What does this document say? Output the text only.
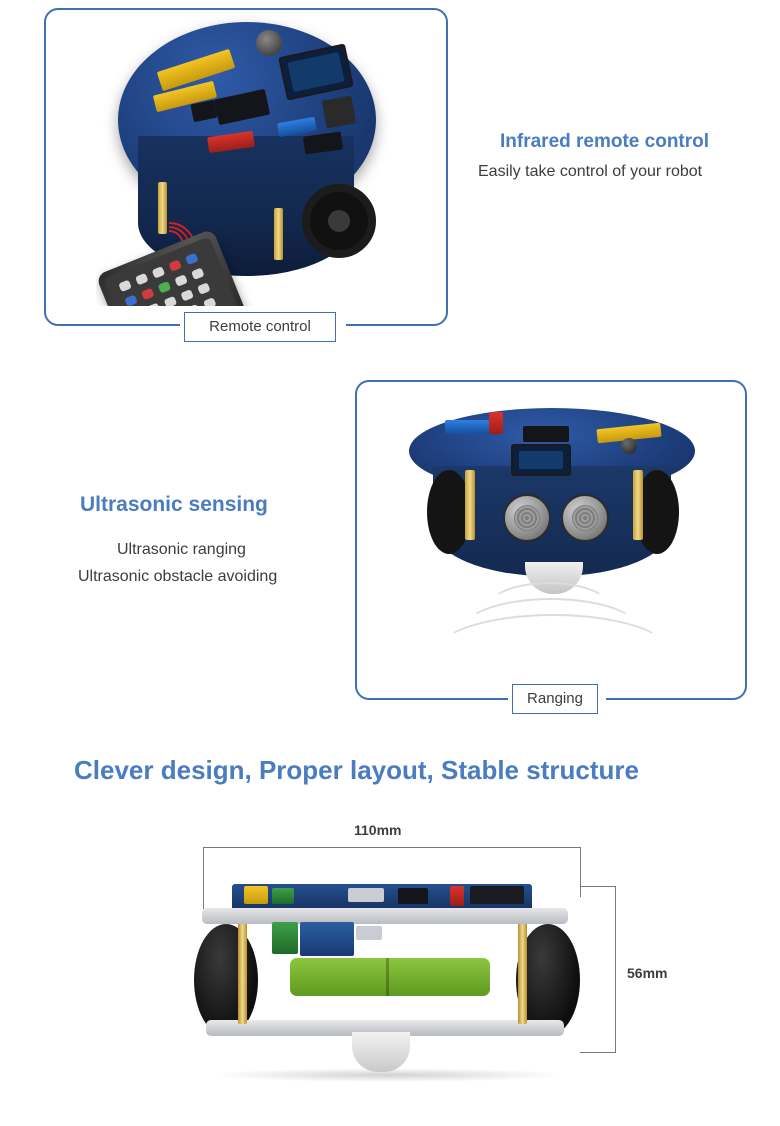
Remote control
Infrared remote control
Easily take control of your robot
Ranging
Ultrasonic sensing
Ultrasonic ranging
Ultrasonic obstacle avoiding
Clever design, Proper layout, Stable structure
110mm
56mm
